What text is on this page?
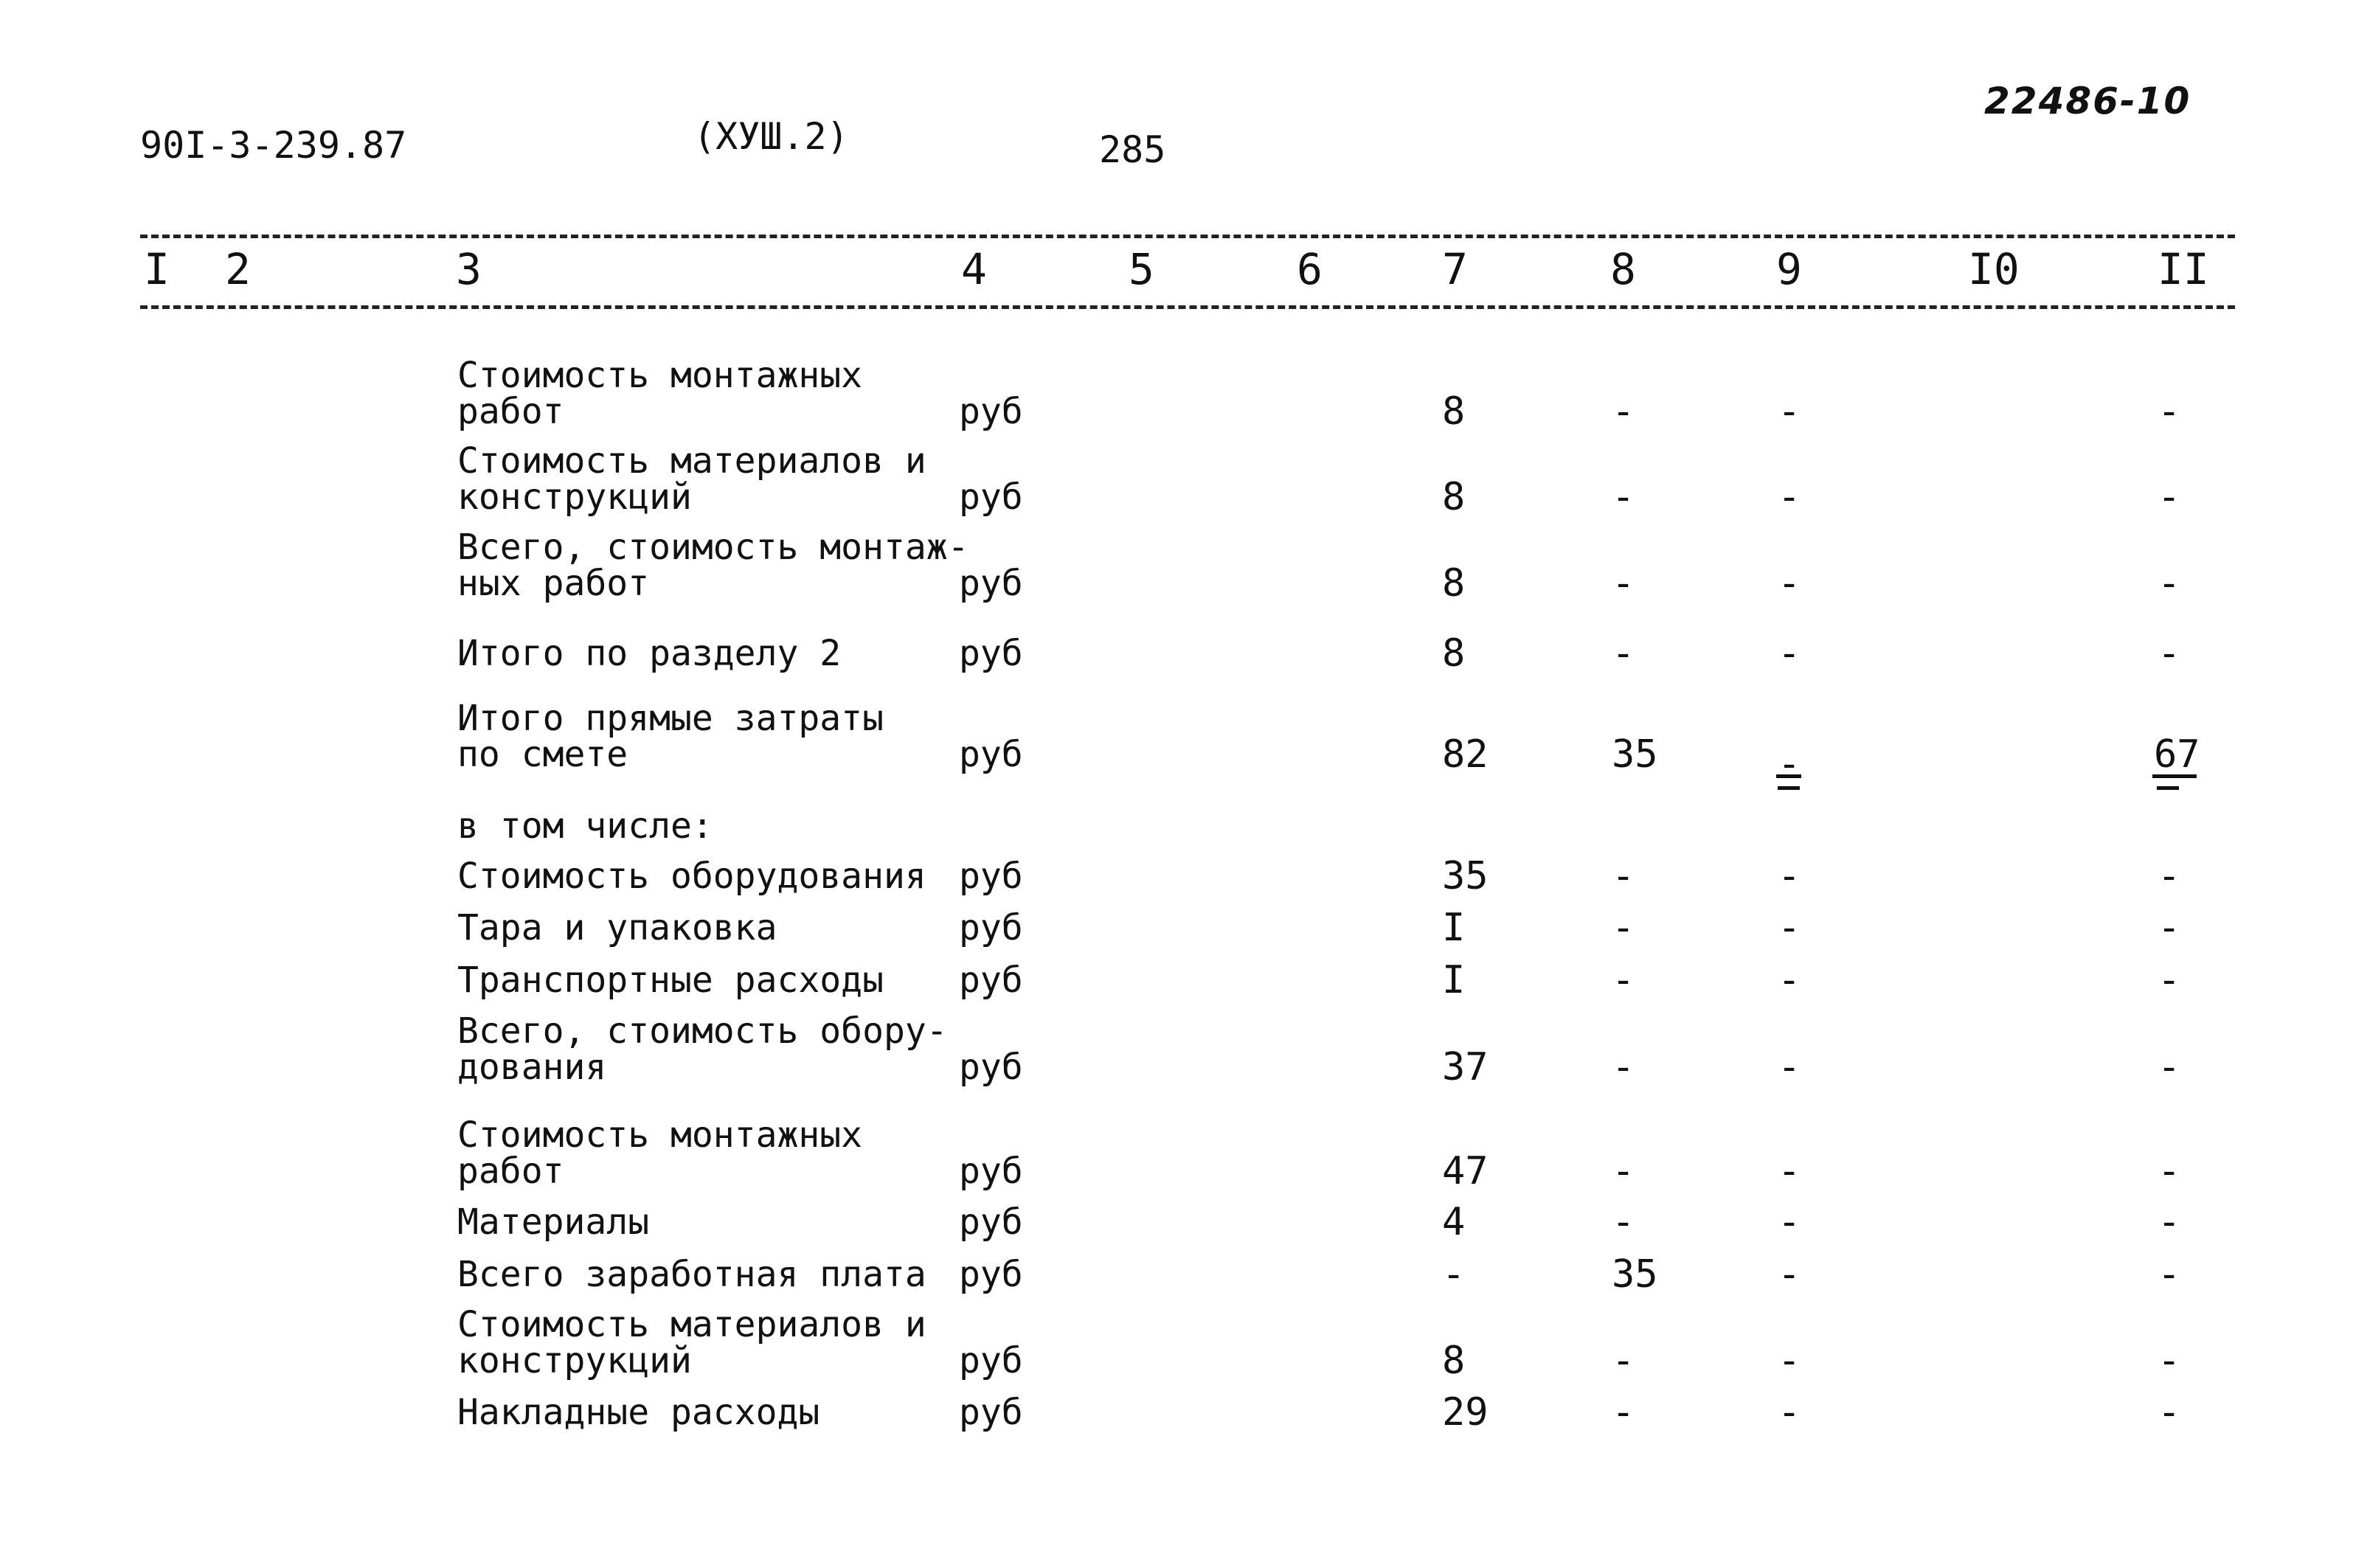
90I-3-239.87	(ХУШ.2)	285
22486-10
I 2	3	4	5	6	7	8	9	I0	II
Стоимость монтажных
работ	руб	8	-	-	-
Стоимость материалов и
конструкций	руб	8	-	-	-
Всего, стоимость монтаж-
ных работ	руб	8	-	-	-
Итого по разделу 2	руб	8	-	-	-
Итого прямые затраты
по смете	руб	82	35	-	67
в том числе:
Стоимость оборудования руб	35	-	-	-
Тара и упаковка	руб	I	-	-	-
Транспортные расходы руб	I	-	-	-
Всего, стоимость обору-
дования	руб	37	-	-	-
Стоимость монтажных
работ	руб	47	-	-	-
Материалы	руб	4	-	-	-
Всего заработная плата руб	-	35	-	-
Стоимость материалов и
конструкций	руб	8	-	-	-
Накладные расходы	руб	29	-	-	-
